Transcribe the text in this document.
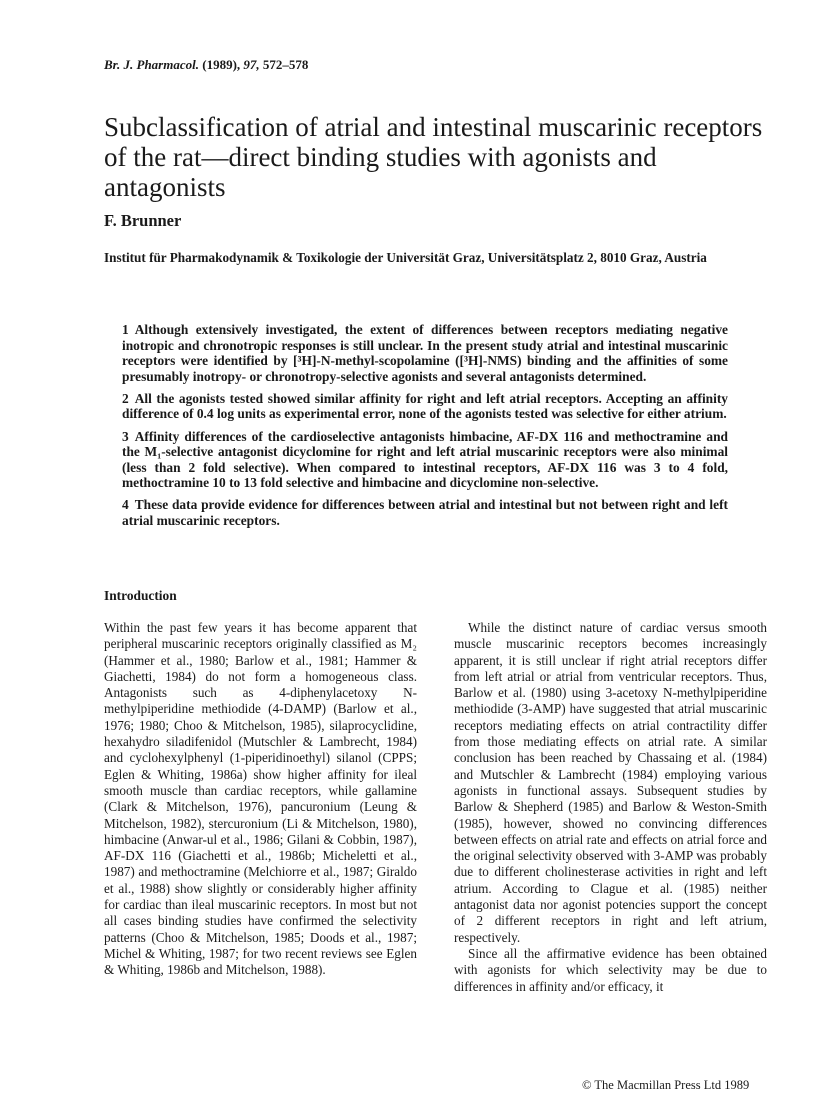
Br. J. Pharmacol. (1989), 97, 572–578
Subclassification of atrial and intestinal muscarinic receptors of the rat—direct binding studies with agonists and antagonists
F. Brunner
Institut für Pharmakodynamik & Toxikologie der Universität Graz, Universitätsplatz 2, 8010 Graz, Austria

1 Although extensively investigated, the extent of differences between receptors mediating negative inotropic and chronotropic responses is still unclear. In the present study atrial and intestinal muscarinic receptors were identified by [³H]-N-methyl-scopolamine ([³H]-NMS) binding and the affinities of some presumably inotropy- or chronotropy-selective agonists and several antagonists determined.

2 All the agonists tested showed similar affinity for right and left atrial receptors. Accepting an affinity difference of 0.4 log units as experimental error, none of the agonists tested was selective for either atrium.

3 Affinity differences of the cardioselective antagonists himbacine, AF-DX 116 and methoctramine and the M₁-selective antagonist dicyclomine for right and left atrial muscarinic receptors were also minimal (less than 2 fold selective). When compared to intestinal receptors, AF-DX 116 was 3 to 4 fold, methoctramine 10 to 13 fold selective and himbacine and dicyclomine non-selective.

4 These data provide evidence for differences between atrial and intestinal but not between right and left atrial muscarinic receptors.

Introduction

Within the past few years it has become apparent that peripheral muscarinic receptors originally classified as M₂ (Hammer et al., 1980; Barlow et al., 1981; Hammer & Giachetti, 1984) do not form a homogeneous class. Antagonists such as 4-diphenylacetoxy N-methylpiperidine methiodide (4-DAMP) (Barlow et al., 1976; 1980; Choo & Mitchelson, 1985), silaprocyclidine, hexahydro siladifenidol (Mutschler & Lambrecht, 1984) and cyclohexylphenyl (1-piperidinoethyl) silanol (CPPS; Eglen & Whiting, 1986a) show higher affinity for ileal smooth muscle than cardiac receptors, while gallamine (Clark & Mitchelson, 1976), pancuronium (Leung & Mitchelson, 1982), stercuronium (Li & Mitchelson, 1980), himbacine (Anwar-ul et al., 1986; Gilani & Cobbin, 1987), AF-DX 116 (Giachetti et al., 1986b; Micheletti et al., 1987) and methoctramine (Melchiorre et al., 1987; Giraldo et al., 1988) show slightly or considerably higher affinity for cardiac than ileal muscarinic receptors. In most but not all cases binding studies have confirmed the selectivity patterns (Choo & Mitchelson, 1985; Doods et al., 1987; Michel & Whiting, 1987; for two recent reviews see Eglen & Whiting, 1986b and Mitchelson, 1988).

While the distinct nature of cardiac versus smooth muscle muscarinic receptors becomes increasingly apparent, it is still unclear if right atrial receptors differ from left atrial or atrial from ventricular receptors. Thus, Barlow et al. (1980) using 3-acetoxy N-methylpiperidine methiodide (3-AMP) have suggested that atrial muscarinic receptors mediating effects on atrial contractility differ from those mediating effects on atrial rate. A similar conclusion has been reached by Chassaing et al. (1984) and Mutschler & Lambrecht (1984) employing various agonists in functional assays. Subsequent studies by Barlow & Shepherd (1985) and Barlow & Weston-Smith (1985), however, showed no convincing differences between effects on atrial rate and effects on atrial force and the original selectivity observed with 3-AMP was probably due to different cholinesterase activities in right and left atrium. According to Clague et al. (1985) neither antagonist data nor agonist potencies support the concept of 2 different receptors in right and left atrium, respectively.

Since all the affirmative evidence has been obtained with agonists for which selectivity may be due to differences in affinity and/or efficacy, it

© The Macmillan Press Ltd 1989
